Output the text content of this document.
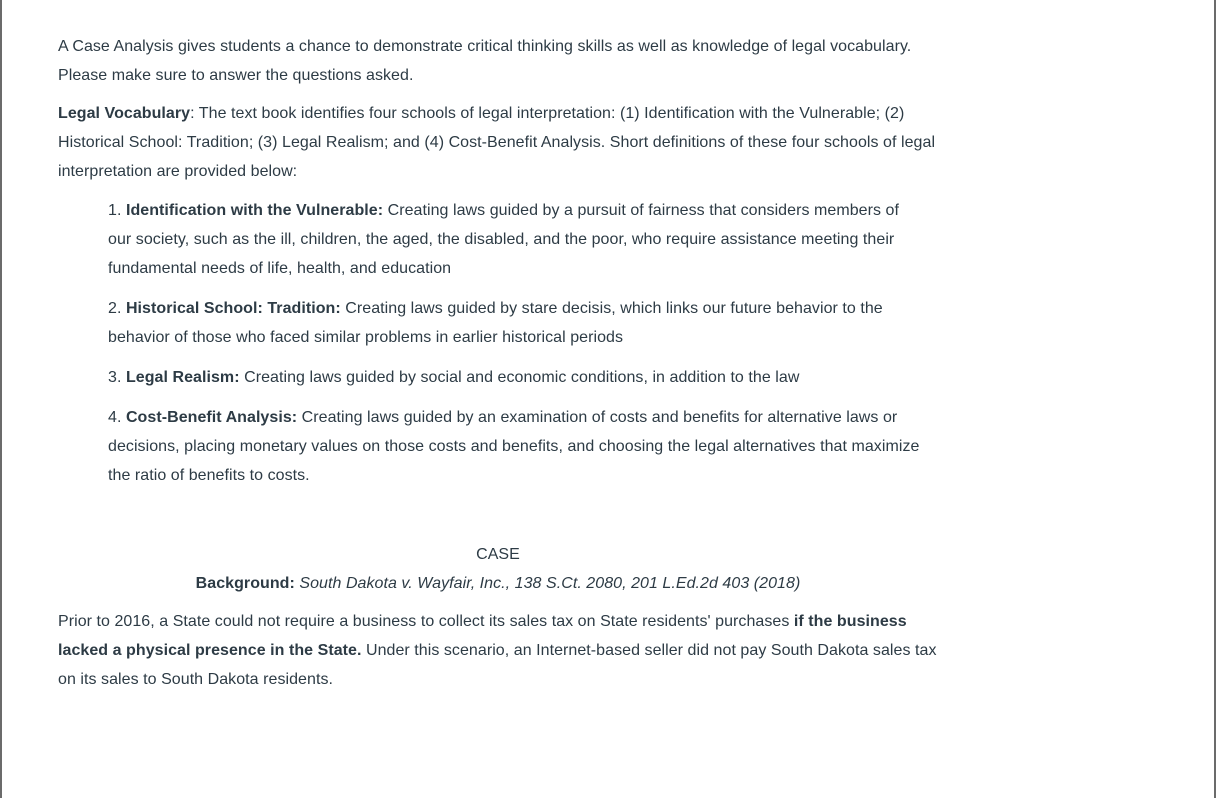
A Case Analysis gives students a chance to demonstrate critical thinking skills as well as knowledge of legal vocabulary. Please make sure to answer the questions asked.

Legal Vocabulary: The text book identifies four schools of legal interpretation: (1) Identification with the Vulnerable; (2) Historical School: Tradition; (3) Legal Realism; and (4) Cost-Benefit Analysis. Short definitions of these four schools of legal interpretation are provided below:

1. Identification with the Vulnerable: Creating laws guided by a pursuit of fairness that considers members of our society, such as the ill, children, the aged, the disabled, and the poor, who require assistance meeting their fundamental needs of life, health, and education

2. Historical School: Tradition: Creating laws guided by stare decisis, which links our future behavior to the behavior of those who faced similar problems in earlier historical periods

3. Legal Realism: Creating laws guided by social and economic conditions, in addition to the law

4. Cost-Benefit Analysis: Creating laws guided by an examination of costs and benefits for alternative laws or decisions, placing monetary values on those costs and benefits, and choosing the legal alternatives that maximize the ratio of benefits to costs.

CASE

Background: South Dakota v. Wayfair, Inc., 138 S.Ct. 2080, 201 L.Ed.2d 403 (2018)

Prior to 2016, a State could not require a business to collect its sales tax on State residents' purchases if the business lacked a physical presence in the State. Under this scenario, an Internet-based seller did not pay South Dakota sales tax on its sales to South Dakota residents.
